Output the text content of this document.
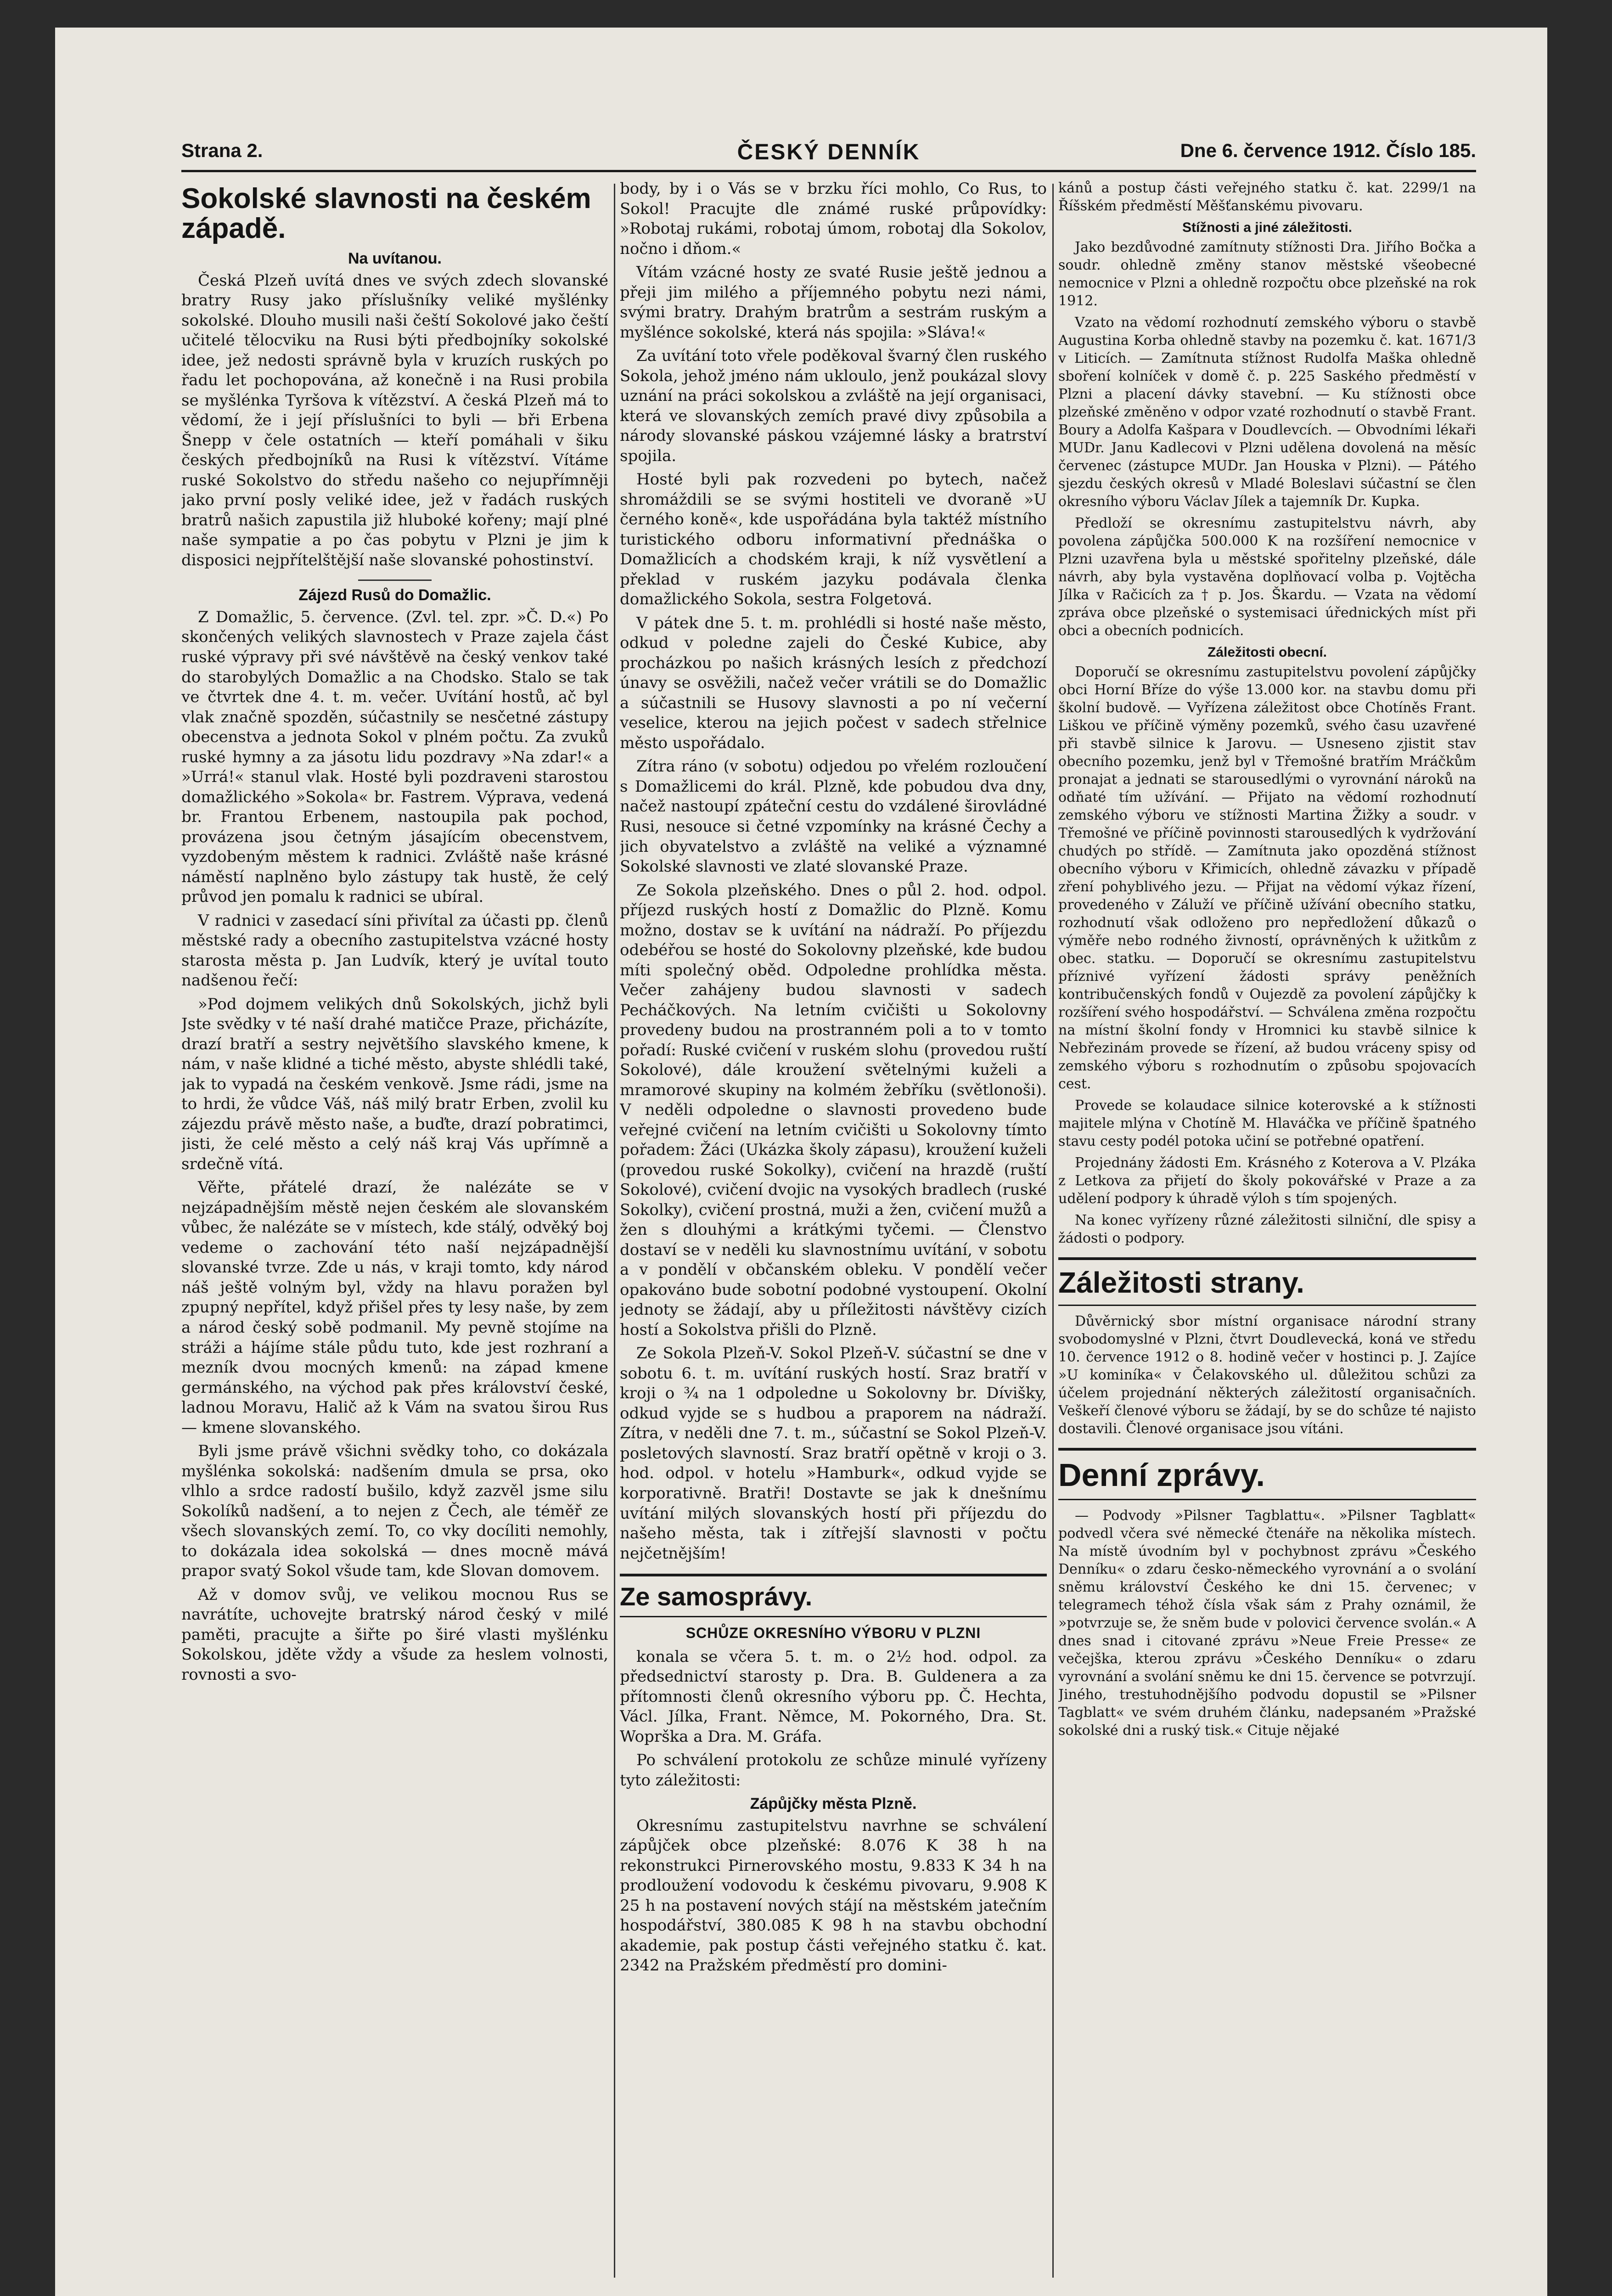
Strana 2.	ČESKÝ DENNÍK	Dne 6. července 1912. Číslo 185.
Sokolské slavnosti na českém západě.
Na uvítanou.

Česká Plzeň uvítá dnes ve svých zdech slovanské bratry Rusy jako příslušníky veliké myšlénky sokolské. Dlouho musili naši čeští Sokolové jako čeští učitelé tělocviku na Rusi býti předbojníky sokolské idee, jež nedosti správně byla v kruzích ruských po řadu let pochopována, až konečně i na Rusi probila se myšlénka Tyršova k vítězství. A česká Plzeň má to vědomí, že i její příslušníci to byli — bři Erbena Šnepp v čele ostatních — kteří pomáhali v šiku českých předbojníků na Rusi k vítězství. Vítáme ruské Sokolstvo do středu našeho co nejupřímněji jako první posly veliké idee, jež v řadách ruských bratrů našich zapustila již hluboké kořeny; mají plné naše sympatie a po čas pobytu v Plzni je jim k disposici nejpřítelštější naše slovanské pohostinství.

Zájezd Rusů do Domažlic.

Z Domažlic, 5. července. (Zvl. tel. zpr. »Č. D.«) Po skončených velikých slavnostech v Praze zajela část ruské výpravy při své návštěvě na český venkov také do starobylých Domažlic a na Chodsko. Stalo se tak ve čtvrtek dne 4. t. m. večer. Uvítání hostů, ač byl vlak značně spozděn, súčastnily se nesčetné zástupy obecenstva a jednota Sokol v plném počtu. Za zvuků ruské hymny a za jásotu lidu pozdravy »Na zdar!« a »Urrá!« stanul vlak. Hosté byli pozdraveni starostou domažlického »Sokola« br. Fastrem. Výprava, vedená br. Frantou Erbenem, nastoupila pak pochod, provázena jsou četným jásajícím obecenstvem, vyzdobeným městem k radnici. Zvláště naše krásné náměstí naplněno bylo zástupy tak hustě, že celý průvod jen pomalu k radnici se ubíral.

V radnici v zasedací síni přivítal za účasti pp. členů městské rady a obecního zastupitelstva vzácné hosty starosta města p. Jan Ludvík, který je uvítal touto nadšenou řečí:

»Pod dojmem velikých dnů Sokolských, jichž byli Jste svědky v té naší drahé matičce Praze, přicházíte, drazí bratří a sestry největšího slavského kmene, k nám, v naše klidné a tiché město, abyste shlédli také, jak to vypadá na českém venkově. Jsme rádi, jsme na to hrdi, že vůdce Váš, náš milý bratr Erben, zvolil ku zájezdu právě město naše, a buďte, drazí pobratimci, jisti, že celé město a celý náš kraj Vás upřímně a srdečně vítá.

Věřte, přátelé drazí, že nalézáte se v nejzápadnějším městě nejen českém ale slovanském vůbec, že nalézáte se v místech, kde stálý, odvěký boj vedeme o zachování této naší nejzápadnější slovanské tvrze. Zde u nás, v kraji tomto, kdy národ náš ještě volným byl, vždy na hlavu poražen byl zpupný nepřítel, když přišel přes ty lesy naše, by zem a národ český sobě podmanil. My pevně stojíme na stráži a hájíme stále půdu tuto, kde jest rozhraní a mezník dvou mocných kmenů: na západ kmene germánského, na východ pak přes království české, ladnou Moravu, Halič až k Vám na svatou širou Rus — kmene slovanského.

Byli jsme právě všichni svědky toho, co dokázala myšlénka sokolská: nadšením dmula se prsa, oko vlhlo a srdce radostí bušilo, když zazvěl jsme silu Sokolíků nadšení, a to nejen z Čech, ale téměř ze všech slovanských zemí. To, co vky docíliti nemohly, to dokázala idea sokolská — dnes mocně mává prapor svatý Sokol všude tam, kde Slovan domovem.

Až v domov svůj, ve velikou mocnou Rus se navrátíte, uchovejte bratrský národ český v milé paměti, pracujte a šiřte po širé vlasti myšlénku Sokolskou, jděte vždy a všude za heslem volnosti, rovnosti a svo-

body, by i o Vás se v brzku říci mohlo, Co Rus, to Sokol! Pracujte dle známé ruské průpovídky: »Robotaj rukámi, robotaj úmom, robotaj dla Sokolov, nočno i dňom.«

Vítám vzácné hosty ze svaté Rusie ještě jednou a přeji jim milého a příjemného pobytu nezi námi, svými bratry. Drahým bratrům a sestrám ruským a myšlénce sokolské, která nás spojila: »Sláva!«

Za uvítání toto vřele poděkoval švarný člen ruského Sokola, jehož jméno nám ukloulo, jenž poukázal slovy uznání na práci sokolskou a zvláště na její organisaci, která ve slovanských zemích pravé divy způsobila a národy slovanské páskou vzájemné lásky a bratrství spojila.

Hosté byli pak rozvedeni po bytech, načež shromáždili se se svými hostiteli ve dvoraně »U černého koně«, kde uspořádána byla taktéž místního turistického odboru informativní přednáška o Domažlicích a chodském kraji, k níž vysvětlení a překlad v ruském jazyku podávala členka domažlického Sokola, sestra Folgetová.

V pátek dne 5. t. m. prohlédli si hosté naše město, odkud v poledne zajeli do České Kubice, aby procházkou po našich krásných lesích z předchozí únavy se osvěžili, načež večer vrátili se do Domažlic a súčastnili se Husovy slavnosti a po ní večerní veselice, kterou na jejich počest v sadech střelnice město uspořádalo.

Zítra ráno (v sobotu) odjedou po vřelém rozloučení s Domažlicemi do král. Plzně, kde pobudou dva dny, načež nastoupí zpáteční cestu do vzdálené širovládné Rusi, nesouce si četné vzpomínky na krásné Čechy a jich obyvatelstvo a zvláště na veliké a významné Sokolské slavnosti ve zlaté slovanské Praze.

Ze Sokola plzeňského. Dnes o půl 2. hod. odpol. příjezd ruských hostí z Domažlic do Plzně. Komu možno, dostav se k uvítání na nádraží. Po příjezdu odebéřou se hosté do Sokolovny plzeňské, kde budou míti společný oběd. Odpoledne prohlídka města. Večer zahájeny budou slavnosti v sadech Pecháčkových. Na letním cvičišti u Sokolovny provedeny budou na prostranném poli a to v tomto pořadí: Ruské cvičení v ruském slohu (provedou ruští Sokolové), dále kroužení světelnými kuželi a mramorové skupiny na kolmém žebříku (světlonoši). V neděli odpoledne o slavnosti provedeno bude veřejné cvičení na letním cvičišti u Sokolovny tímto pořadem: Žáci (Ukázka školy zápasu), kroužení kuželi (provedou ruské Sokolky), cvičení na hrazdě (ruští Sokolové), cvičení dvojic na vysokých bradlech (ruské Sokolky), cvičení prostná, muži a žen, cvičení mužů a žen s dlouhými a krátkými tyčemi. — Členstvo dostaví se v neděli ku slavnostnímu uvítání, v sobotu a v pondělí v občanském obleku. V pondělí večer opakováno bude sobotní podobné vystoupení. Okolní jednoty se žádají, aby u příležitosti návštěvy cizích hostí a Sokolstva přišli do Plzně.

Ze Sokola Plzeň-V. Sokol Plzeň-V. súčastní se dne v sobotu 6. t. m. uvítání ruských hostí. Sraz bratří v kroji o ¾ na 1 odpoledne u Sokolovny br. Dívišky, odkud vyjde se s hudbou a praporem na nádraží. Zítra, v neděli dne 7. t. m., súčastní se Sokol Plzeň-V. posletových slavností. Sraz bratří opětně v kroji o 3. hod. odpol. v hotelu »Hamburk«, odkud vyjde se korporativně. Bratři! Dostavte se jak k dnešnímu uvítání milých slovanských hostí při příjezdu do našeho města, tak i zítřejší slavnosti v počtu nejčetnějším!

Ze samosprávy.
SCHŮZE OKRESNÍHO VÝBORU V PLZNI

konala se včera 5. t. m. o 2½ hod. odpol. za předsednictví starosty p. Dra. B. Guldenera a za přítomnosti členů okresního výboru pp. Č. Hechta, Václ. Jílka, Frant. Němce, M. Pokorného, Dra. St. Woprška a Dra. M. Gráfa.

Po schválení protokolu ze schůze minulé vyřízeny tyto záležitosti:

Zápůjčky města Plzně.

Okresnímu zastupitelstvu navrhne se schválení zápůjček obce plzeňské: 8.076 K 38 h na rekonstrukci Pirnerovského mostu, 9.833 K 34 h na prodloužení vodovodu k českému pivovaru, 9.908 K 25 h na postavení nových stájí na městském jatečním hospodářství, 380.085 K 98 h na stavbu obchodní akademie, pak postup části veřejného statku č. kat. 2342 na Pražském předměstí pro domini-

kánů a postup části veřejného statku č. kat. 2299/1 na Říšském předměstí Měšťanskému pivovaru.

Stížnosti a jiné záležitosti.

Jako bezdůvodné zamítnuty stížnosti Dra. Jiřího Bočka a soudr. ohledně změny stanov městské všeobecné nemocnice v Plzni a ohledně rozpočtu obce plzeňské na rok 1912.

Vzato na vědomí rozhodnutí zemského výboru o stavbě Augustina Korba ohledně stavby na pozemku č. kat. 1671/3 v Liticích. — Zamítnuta stížnost Rudolfa Maška ohledně sboření kolníček v domě č. p. 225 Saského předměstí v Plzni a placení dávky stavební. — Ku stížnosti obce plzeňské změněno v odpor vzaté rozhodnutí o stavbě Frant. Boury a Adolfa Kašpara v Doudlevcích. — Obvodními lékaři MUDr. Janu Kadlecovi v Plzni udělena dovolená na měsíc červenec (zástupce MUDr. Jan Houska v Plzni). — Pátého sjezdu českých okresů v Mladé Boleslavi súčastní se člen okresního výboru Václav Jílek a tajemník Dr. Kupka.

Předloží se okresnímu zastupitelstvu návrh, aby povolena zápůjčka 500.000 K na rozšíření nemocnice v Plzni uzavřena byla u městské spořitelny plzeňské, dále návrh, aby byla vystavěna doplňovací volba p. Vojtěcha Jílka v Račicích za † p. Jos. Škardu. — Vzata na vědomí zpráva obce plzeňské o systemisaci úřednických míst při obci a obecních podnicích.

Záležitosti obecní.

Doporučí se okresnímu zastupitelstvu povolení zápůjčky obci Horní Bříze do výše 13.000 kor. na stavbu domu při školní budově. — Vyřízena záležitost obce Chotíněs Frant. Liškou ve příčině výměny pozemků, svého času uzavřené při stavbě silnice k Jarovu. — Usneseno zjistit stav obecního pozemku, jenž byl v Třemošné bratřím Mráčkům pronajat a jednati se starousedlými o vyrovnání nároků na odňaté tím užívání. — Přijato na vědomí rozhodnutí zemského výboru ve stížnosti Martina Žižky a soudr. v Třemošné ve příčině povinnosti starousedlých k vydržování chudých po střídě. — Zamítnuta jako opozděná stížnost obecního výboru v Křimicích, ohledně závazku v případě zření pohyblivého jezu. — Přijat na vědomí výkaz řízení, provedeného v Záluží ve příčině užívání obecního statku, rozhodnutí však odloženo pro nepředložení důkazů o výměře nebo rodného živností, oprávněných k užitkům z obec. statku. — Doporučí se okresnímu zastupitelstvu příznivé vyřízení žádosti správy peněžních kontribučenských fondů v Oujezdě za povolení zápůjčky k rozšíření svého hospodářství. — Schválena změna rozpočtu na místní školní fondy v Hromnici ku stavbě silnice k Nebřezinám provede se řízení, až budou vráceny spisy od zemského výboru s rozhodnutím o způsobu spojovacích cest.

Provede se kolaudace silnice koterovské a k stížnosti majitele mlýna v Chotíně M. Hlaváčka ve příčině špatného stavu cesty podél potoka učiní se potřebné opatření.

Projednány žádosti Em. Krásného z Koterova a V. Plzáka z Letkova za přijetí do školy pokovářské v Praze a za udělení podpory k úhradě výloh s tím spojených.

Na konec vyřízeny různé záležitosti silniční, dle spisy a žádosti o podpory.

Záležitosti strany.

Důvěrnický sbor místní organisace národní strany svobodomyslné v Plzni, čtvrt Doudlevecká, koná ve středu 10. července 1912 o 8. hodině večer v hostinci p. J. Zajíce »U kominíka« v Čelakovského ul. důležitou schůzi za účelem projednání některých záležitostí organisačních. Veškeří členové výboru se žádají, by se do schůze té najisto dostavili. Členové organisace jsou vítáni.

Denní zprávy.

— Podvody »Pilsner Tagblattu«. »Pilsner Tagblatt« podvedl včera své německé čtenáře na několika místech. Na místě úvodním byl v pochybnost zprávu »Českého Denníku« o zdaru česko-německého vyrovnání a o svolání sněmu království Českého ke dni 15. červenec; v telegramech téhož čísla však sám z Prahy oznámil, že »potvrzuje se, že sněm bude v polovici července svolán.« A dnes snad i citované zprávu »Neue Freie Presse« ze večejška, kterou zprávu »Českého Denníku« o zdaru vyrovnání a svolání sněmu ke dni 15. července se potvrzují. Jiného, trestuhodnějšího podvodu dopustil se »Pilsner Tagblatt« ve svém druhém článku, nadepsaném »Pražské sokolské dni a ruský tisk.« Cituje nějaké
